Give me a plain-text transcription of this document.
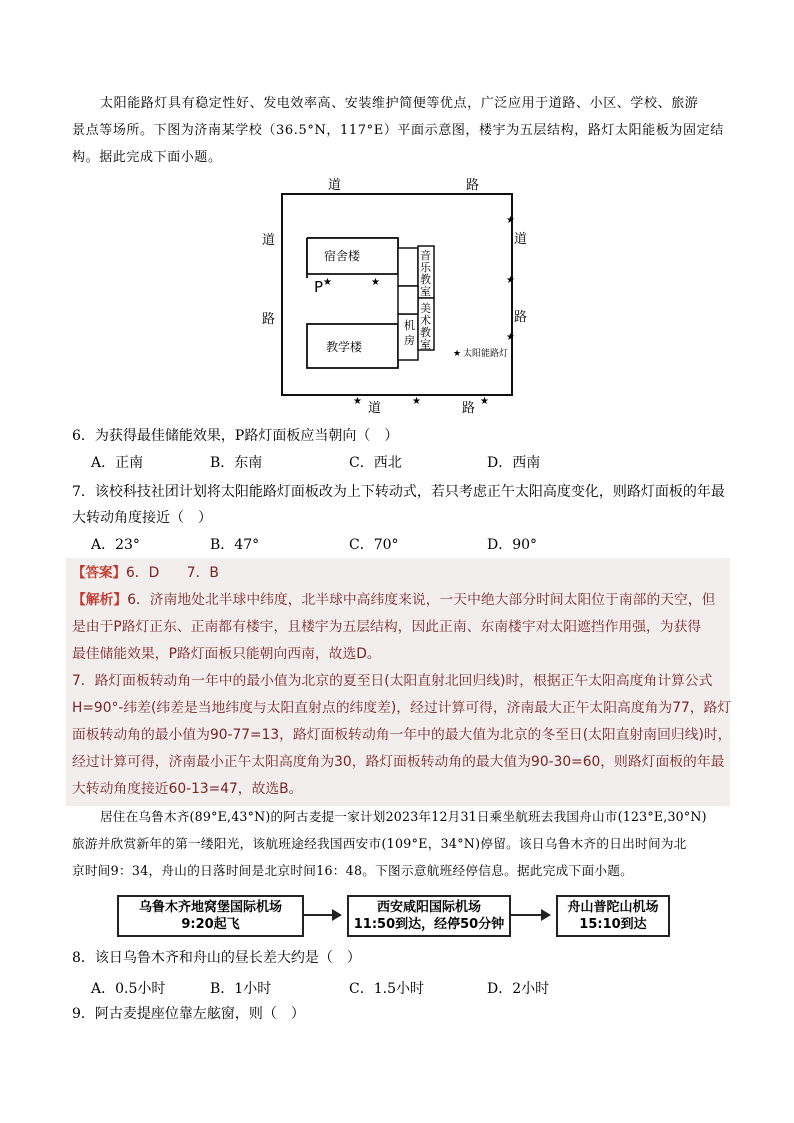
太阳能路灯具有稳定性好、发电效率高、安装维护简便等优点，广泛应用于道路、小区、学校、旅游
景点等场所。下图为济南某学校（36.5°N，117°E）平面示意图，楼宇为五层结构，路灯太阳能板为固定结
构。据此完成下面小题。
道	路
道
路
道
路
道	路
宿舍楼
教学楼
音
乐
教
室
美
术
教
室
机
房
P ★	★
★
★
★
★	★	★
★ 太阳能路灯
6．为获得最佳储能效果，P路灯面板应当朝向（　）
A．正南	B．东南	C．西北	D．西南
7．该校科技社团计划将太阳能路灯面板改为上下转动式，若只考虑正午太阳高度变化，则路灯面板的年最
大转动角度接近（　）
A．23°	B．47°	C．70°	D．90°
【答案】6．D　　7．B
【解析】6．济南地处北半球中纬度，北半球中高纬度来说，一天中绝大部分时间太阳位于南部的天空，但
是由于P路灯正东、正南都有楼宇，且楼宇为五层结构，因此正南、东南楼宇对太阳遮挡作用强，为获得
最佳储能效果，P路灯面板只能朝向西南，故选D。
7．路灯面板转动角一年中的最小值为北京的夏至日(太阳直射北回归线)时，根据正午太阳高度角计算公式
H=90°-纬差(纬差是当地纬度与太阳直射点的纬度差)，经过计算可得，济南最大正午太阳高度角为77，路灯
面板转动角的最小值为90-77=13，路灯面板转动角一年中的最大值为北京的冬至日(太阳直射南回归线)时，
经过计算可得，济南最小正午太阳高度角为30，路灯面板转动角的最大值为90-30=60，则路灯面板的年最
大转动角度接近60-13=47，故选B。
居住在乌鲁木齐(89°E,43°N)的阿古麦提一家计划2023年12月31日乘坐航班去我国舟山市(123°E,30°N)
旅游并欣赏新年的第一缕阳光，该航班途经我国西安市(109°E，34°N)停留。该日乌鲁木齐的日出时间为北
京时间9：34，舟山的日落时间是北京时间16：48。下图示意航班经停信息。据此完成下面小题。
乌鲁木齐地窝堡国际机场
9:20起飞
西安咸阳国际机场
11:50到达，经停50分钟
舟山普陀山机场
15:10到达
8．该日乌鲁木齐和舟山的昼长差大约是（　）
A．0.5小时	B．1小时	C．1.5小时	D．2小时
9．阿古麦提座位靠左舷窗，则（　）
